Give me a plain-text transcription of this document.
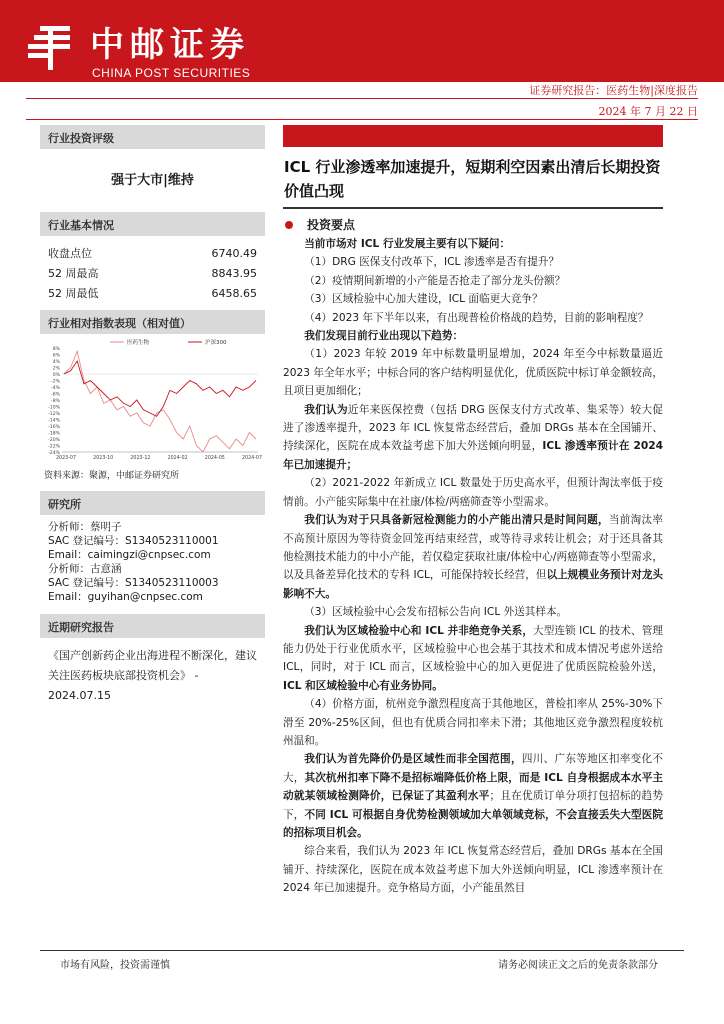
中邮证券
CHINA POST SECURITIES
证券研究报告：医药生物|深度报告
2024 年 7 月 22 日
行业投资评级
强于大市|维持
行业基本情况
收盘点位	6740.49
52 周最高	8843.95
52 周最低	6458.65
行业相对指数表现（相对值）
8%
6%
4%
2%
0%
-2%
-4%
-6%
-8%
-10%
-12%
-14%
-16%
-18%
-20%
-22%
-24%
2023-07	2023-10	2023-12	2024-02	2024-05	2024-07
医药生物	沪深300
资料来源：聚源，中邮证券研究所
研究所
分析师：蔡明子
SAC 登记编号：S1340523110001
Email：caimingzi@cnpsec.com
分析师：古意涵
SAC 登记编号：S1340523110003
Email：guyihan@cnpsec.com
近期研究报告
《国产创新药企业出海进程不断深化，建议关注医药板块底部投资机会》 - 2024.07.15
ICL 行业渗透率加速提升，短期利空因素出清后长期投资价值凸现
投资要点

当前市场对 ICL 行业发展主要有以下疑问：

（1）DRG 医保支付改革下，ICL 渗透率是否有提升？

（2）疫情期间新增的小产能是否抢走了部分龙头份额？

（3）区域检验中心加大建设，ICL 面临更大竞争？

（4）2023 年下半年以来，有出现普检价格战的趋势，目前的影响程度？

我们发现目前行业出现以下趋势：

（1）2023 年较 2019 年中标数量明显增加，2024 年至今中标数量逼近 2023 年全年水平；中标合同的客户结构明显优化，优质医院中标订单金额较高，且项目更加细化；

我们认为近年来医保控费（包括 DRG 医保支付方式改革、集采等）较大促进了渗透率提升，2023 年 ICL 恢复常态经营后，叠加 DRGs 基本在全国铺开、持续深化，医院在成本效益考虑下加大外送倾向明显，ICL 渗透率预计在 2024 年已加速提升；

（2）2021-2022 年新成立 ICL 数量处于历史高水平，但预计淘汰率低于疫情前。小产能实际集中在社康/体检/两癌筛查等小型需求。

我们认为对于只具备新冠检测能力的小产能出清只是时间问题，当前淘汰率不高预计原因为等待资金回笼再结束经营，或等待寻求转让机会；对于还具备其他检测技术能力的中小产能，若仅稳定获取社康/体检中心/两癌筛查等小型需求，以及具备差异化技术的专科 ICL，可能保持较长经营，但以上规模业务预计对龙头影响不大。

（3）区域检验中心会发布招标公告向 ICL 外送其样本。

我们认为区域检验中心和 ICL 并非绝竞争关系，大型连锁 ICL 的技术、管理能力仍处于行业优质水平，区域检验中心也会基于其技术和成本情况考虑外送给 ICL，同时，对于 ICL 而言，区域检验中心的加入更促进了优质医院检验外送，ICL 和区域检验中心有业务协同。

（4）价格方面，杭州竞争激烈程度高于其他地区，普检扣率从 25%-30%下滑至 20%-25%区间，但也有优质合同扣率未下滑；其他地区竞争激烈程度较杭州温和。

我们认为首先降价仍是区域性而非全国范围，四川、广东等地区扣率变化不大，其次杭州扣率下降不是招标端降低价格上限，而是 ICL 自身根据成本水平主动就某领域检测降价，已保证了其盈利水平；且在优质订单分项打包招标的趋势下，不同 ICL 可根据自身优势检测领域加大单领域竞标，不会直接丢失大型医院的招标项目机会。

综合来看，我们认为 2023 年 ICL 恢复常态经营后，叠加 DRGs 基本在全国铺开、持续深化，医院在成本效益考虑下加大外送倾向明显，ICL 渗透率预计在 2024 年已加速提升。竞争格局方面，小产能虽然目

市场有风险，投资需谨慎	请务必阅读正文之后的免责条款部分
